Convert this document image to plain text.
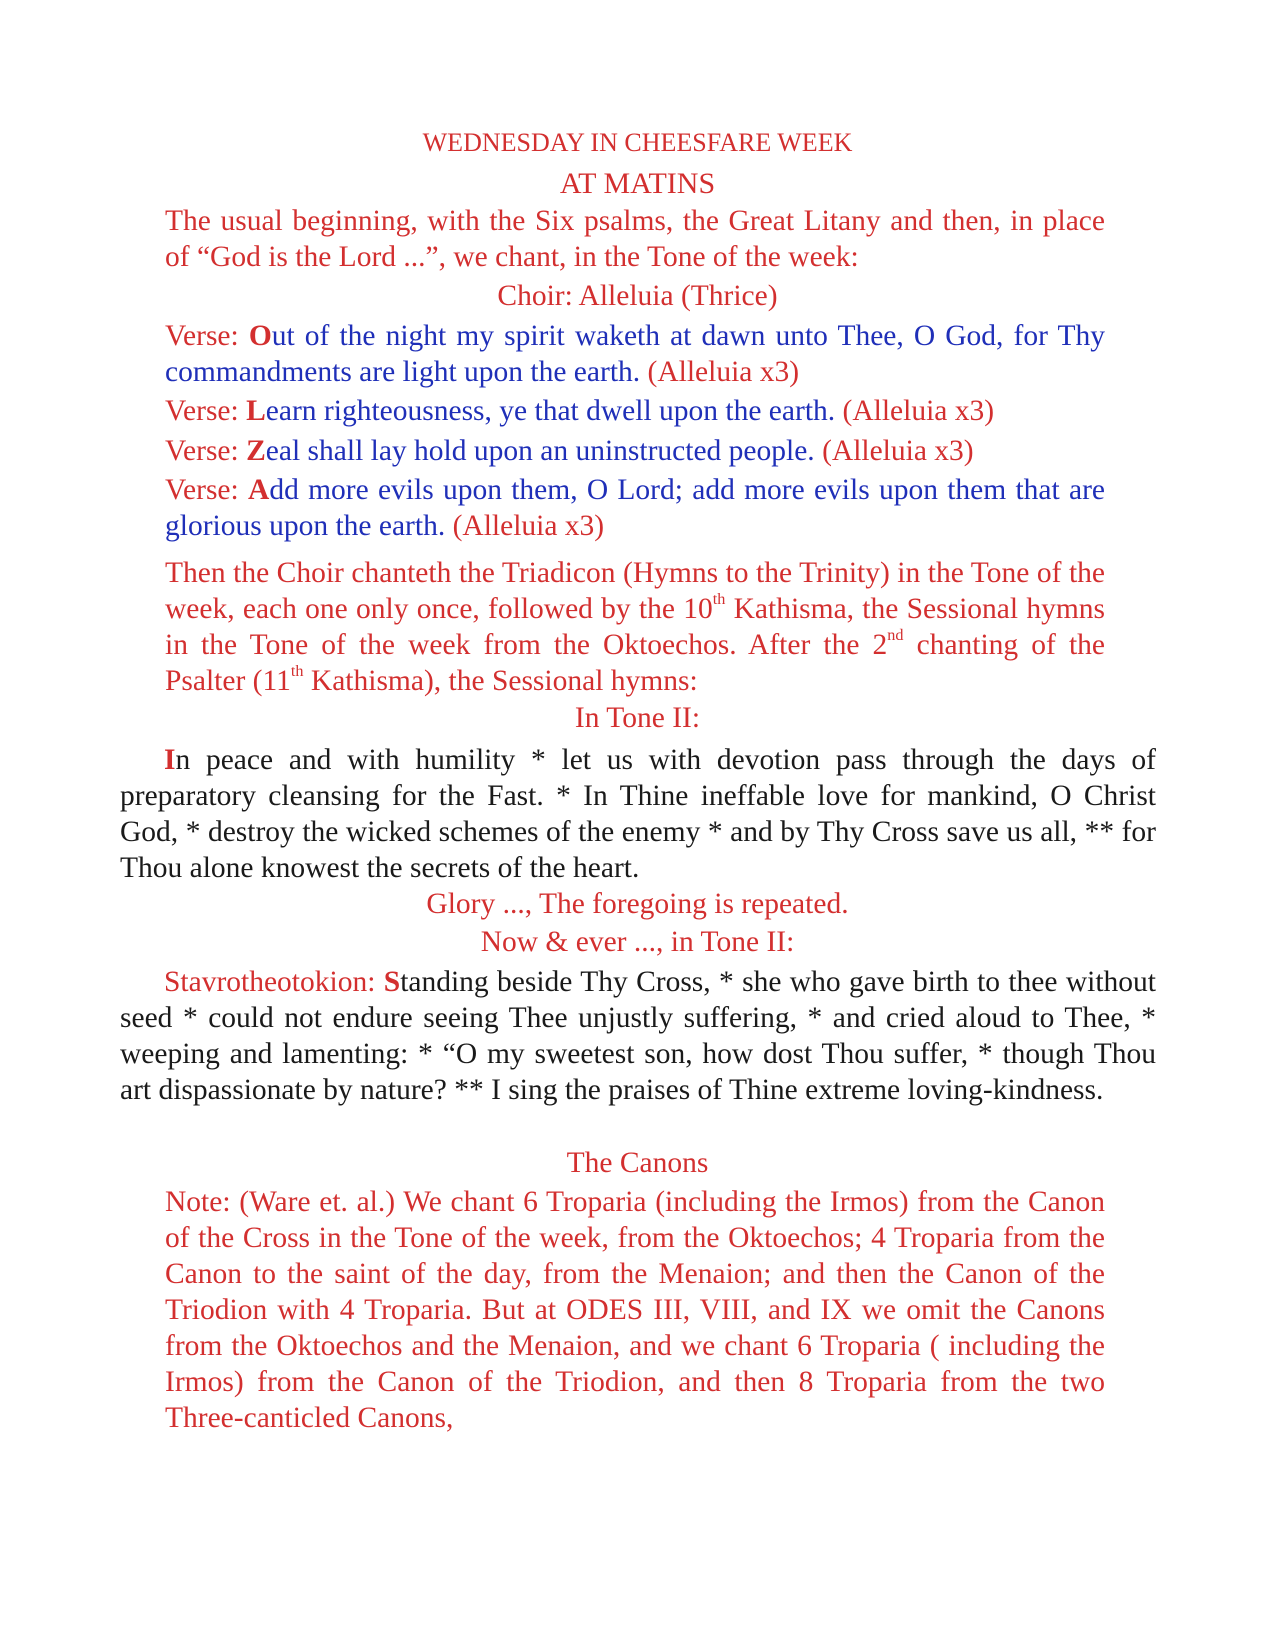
WEDNESDAY IN CHEESFARE WEEK
AT MATINS
The usual beginning, with the Six psalms, the Great Litany and then, in place of “God is the Lord ...”, we chant, in the Tone of the week:
Choir: Alleluia (Thrice)
Verse: Out of the night my spirit waketh at dawn unto Thee, O God, for Thy commandments are light upon the earth. (Alleluia x3)
Verse: Learn righteousness, ye that dwell upon the earth. (Alleluia x3)
Verse: Zeal shall lay hold upon an uninstructed people. (Alleluia x3)
Verse: Add more evils upon them, O Lord; add more evils upon them that are glorious upon the earth. (Alleluia x3)
Then the Choir chanteth the Triadicon (Hymns to the Trinity) in the Tone of the week, each one only once, followed by the 10th Kathisma, the Sessional hymns in the Tone of the week from the Oktoechos. After the 2nd chanting of the Psalter (11th Kathisma), the Sessional hymns:
In Tone II:
In peace and with humility * let us with devotion pass through the days of preparatory cleansing for the Fast. * In Thine ineffable love for mankind, O Christ God, * destroy the wicked schemes of the enemy * and by Thy Cross save us all, ** for Thou alone knowest the secrets of the heart.
Glory ..., The foregoing is repeated.
Now & ever ..., in Tone II:
Stavrotheotokion: Standing beside Thy Cross, * she who gave birth to thee without seed * could not endure seeing Thee unjustly suffering, * and cried aloud to Thee, * weeping and lamenting: * “O my sweetest son, how dost Thou suffer, * though Thou art dispassionate by nature? ** I sing the praises of Thine extreme loving-kindness.
The Canons
Note: (Ware et. al.) We chant 6 Troparia (including the Irmos) from the Canon of the Cross in the Tone of the week, from the Oktoechos; 4 Troparia from the Canon to the saint of the day, from the Menaion; and then the Canon of the Triodion with 4 Troparia. But at ODES III, VIII, and IX we omit the Canons from the Oktoechos and the Menaion, and we chant 6 Troparia ( including the Irmos) from the Canon of the Triodion, and then 8 Troparia from the two Three-canticled Canons,
